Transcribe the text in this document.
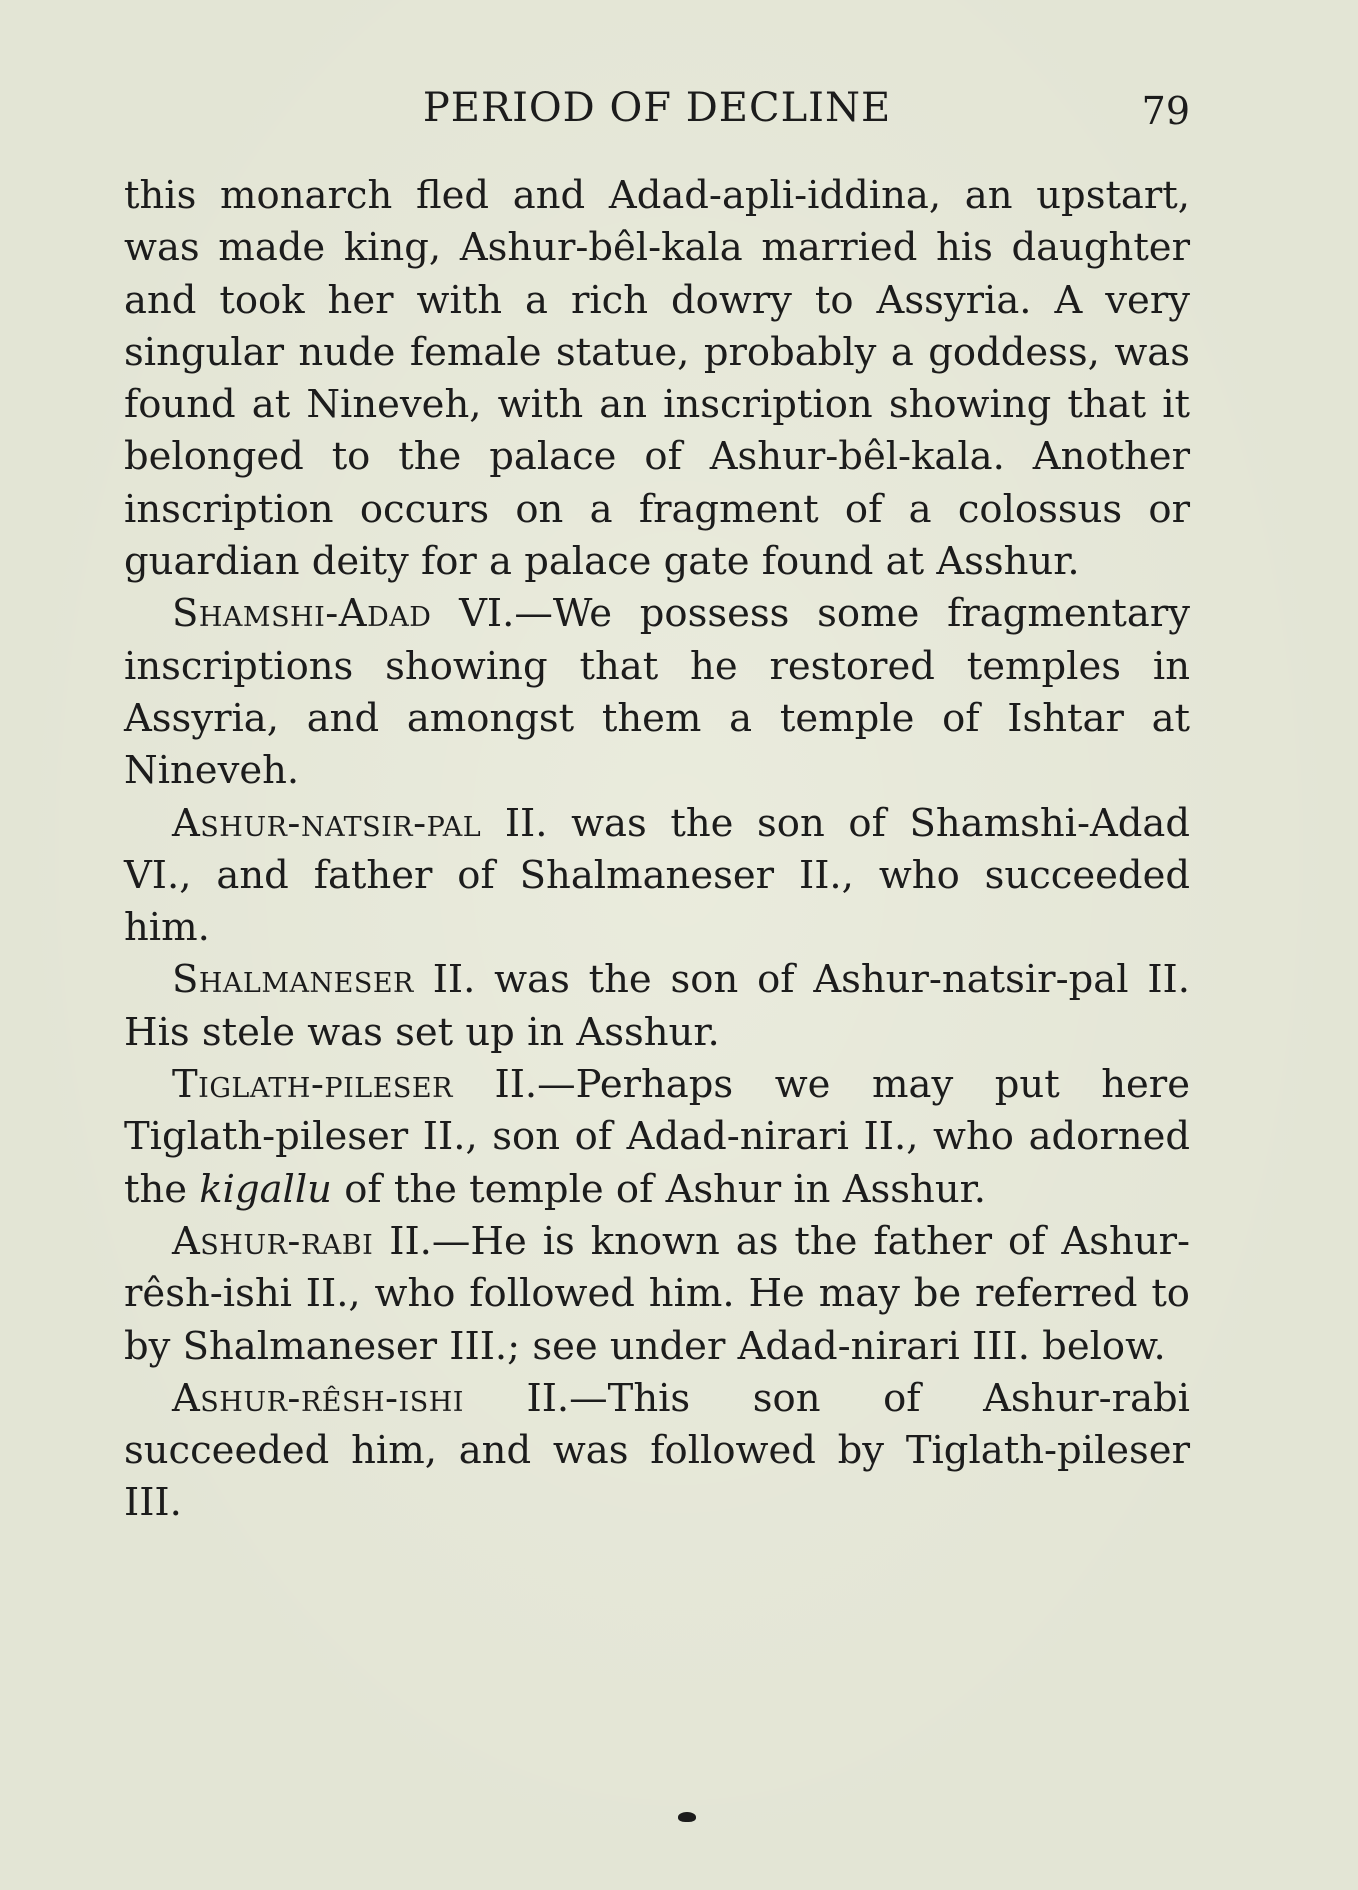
PERIOD OF DECLINE	79

this monarch fled and Adad-apli-iddina, an upstart, was made king, Ashur-bêl-kala married his daughter and took her with a rich dowry to Assyria. A very singular nude female statue, probably a goddess, was found at Nineveh, with an inscription showing that it belonged to the palace of Ashur-bêl-kala. Another inscription occurs on a fragment of a colossus or guardian deity for a palace gate found at Asshur.

Shamshi-Adad VI.—We possess some fragmentary inscriptions showing that he restored temples in Assyria, and amongst them a temple of Ishtar at Nineveh.

Ashur-natsir-pal II. was the son of Shamshi-Adad VI., and father of Shalmaneser II., who succeeded him.

Shalmaneser II. was the son of Ashur-natsir-pal II. His stele was set up in Asshur.

Tiglath-pileser II.—Perhaps we may put here Tiglath-pileser II., son of Adad-nirari II., who adorned the kigallu of the temple of Ashur in Asshur.

Ashur-rabi II.—He is known as the father of Ashur-rêsh-ishi II., who followed him. He may be referred to by Shalmaneser III.; see under Adad-nirari III. below.

Ashur-rêsh-ishi II.—This son of Ashur-rabi succeeded him, and was followed by Tiglath-pileser III.
